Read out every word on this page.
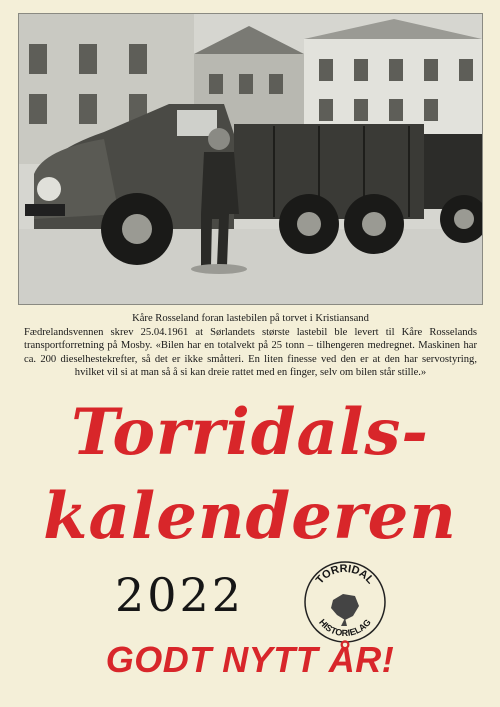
Kåre Rosseland foran lastebilen på torvet i Kristiansand
Fædrelandsvennen skrev 25.04.1961 at Sørlandets største lastebil ble levert til Kåre Rosselands transportforretning på Mosby. «Bilen har en totalvekt på 25 tonn – tilhengeren medregnet. Maskinen har ca. 200 dieselhestekrefter, så det er ikke småtteri. En liten finesse ved den er at den har servostyring, hvilket vil si at man så å si kan dreie rattet med en finger, selv om bilen står stille.»
Torridals-
kalenderen
2022	TORRIDAL
HISTORIELAG
GODT NYTT ÅR!
